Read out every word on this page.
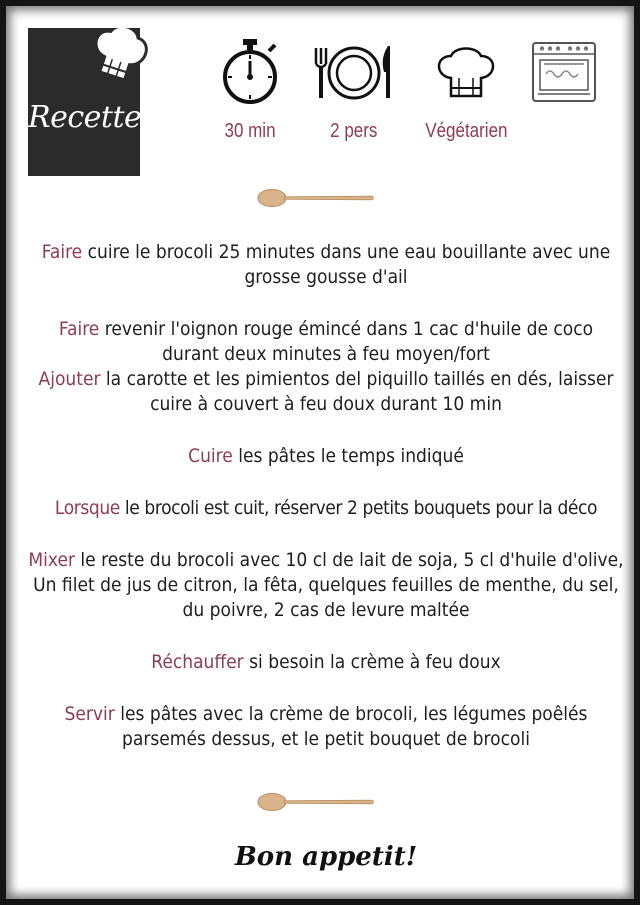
Recette	30 min	2 pers	Végétarien
Faire cuire le brocoli 25 minutes dans une eau bouillante avec une grosse gousse d'ail
Faire revenir l'oignon rouge émincé dans 1 cac d'huile de coco durant deux minutes à feu moyen/fort
Ajouter la carotte et les pimientos del piquillo taillés en dés, laisser cuire à couvert à feu doux durant 10 min
Cuire les pâtes le temps indiqué
Lorsque le brocoli est cuit, réserver 2 petits bouquets pour la déco
Mixer le reste du brocoli avec 10 cl de lait de soja, 5 cl d'huile d'olive, Un filet de jus de citron, la fêta, quelques feuilles de menthe, du sel, du poivre, 2 cas de levure maltée
Réchauffer si besoin la crème à feu doux
Servir les pâtes avec la crème de brocoli, les légumes poêlés parsemés dessus, et le petit bouquet de brocoli
Bon appetit!
